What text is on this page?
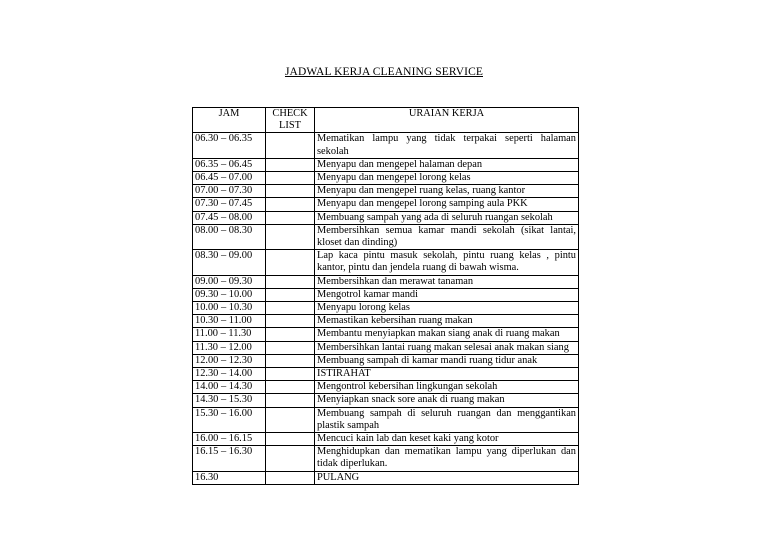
JADWAL KERJA CLEANING SERVICE
JAM	CHECK LIST	URAIAN KERJA
06.30 – 06.35		Mematikan lampu yang tidak terpakai seperti halaman sekolah
06.35 – 06.45		Menyapu dan mengepel halaman depan
06.45 – 07.00		Menyapu dan mengepel lorong kelas
07.00 – 07.30		Menyapu dan mengepel ruang kelas, ruang kantor
07.30 – 07.45		Menyapu dan mengepel lorong samping aula PKK
07.45 – 08.00		Membuang sampah yang ada di seluruh ruangan sekolah
08.00 – 08.30		Membersihkan semua kamar mandi sekolah (sikat lantai, kloset dan dinding)
08.30 – 09.00		Lap kaca pintu masuk sekolah, pintu ruang kelas , pintu kantor, pintu dan jendela ruang di bawah wisma.
09.00 – 09.30		Membersihkan dan merawat tanaman
09.30 – 10.00		Mengotrol kamar mandi
10.00 – 10.30		Menyapu lorong kelas
10.30 – 11.00		Memastikan kebersihan ruang makan
11.00 – 11.30		Membantu menyiapkan makan siang anak di ruang makan
11.30 – 12.00		Membersihkan lantai ruang makan selesai anak makan siang
12.00 – 12.30		Membuang sampah di kamar mandi ruang tidur anak
12.30 – 14.00		ISTIRAHAT
14.00 – 14.30		Mengontrol kebersihan lingkungan sekolah
14.30 – 15.30		Menyiapkan snack sore anak di ruang makan
15.30 – 16.00		Membuang sampah di seluruh ruangan dan menggantikan plastik sampah
16.00 – 16.15		Mencuci kain lab dan keset kaki yang kotor
16.15 – 16.30		Menghidupkan dan mematikan lampu yang diperlukan dan tidak diperlukan.
16.30		PULANG
